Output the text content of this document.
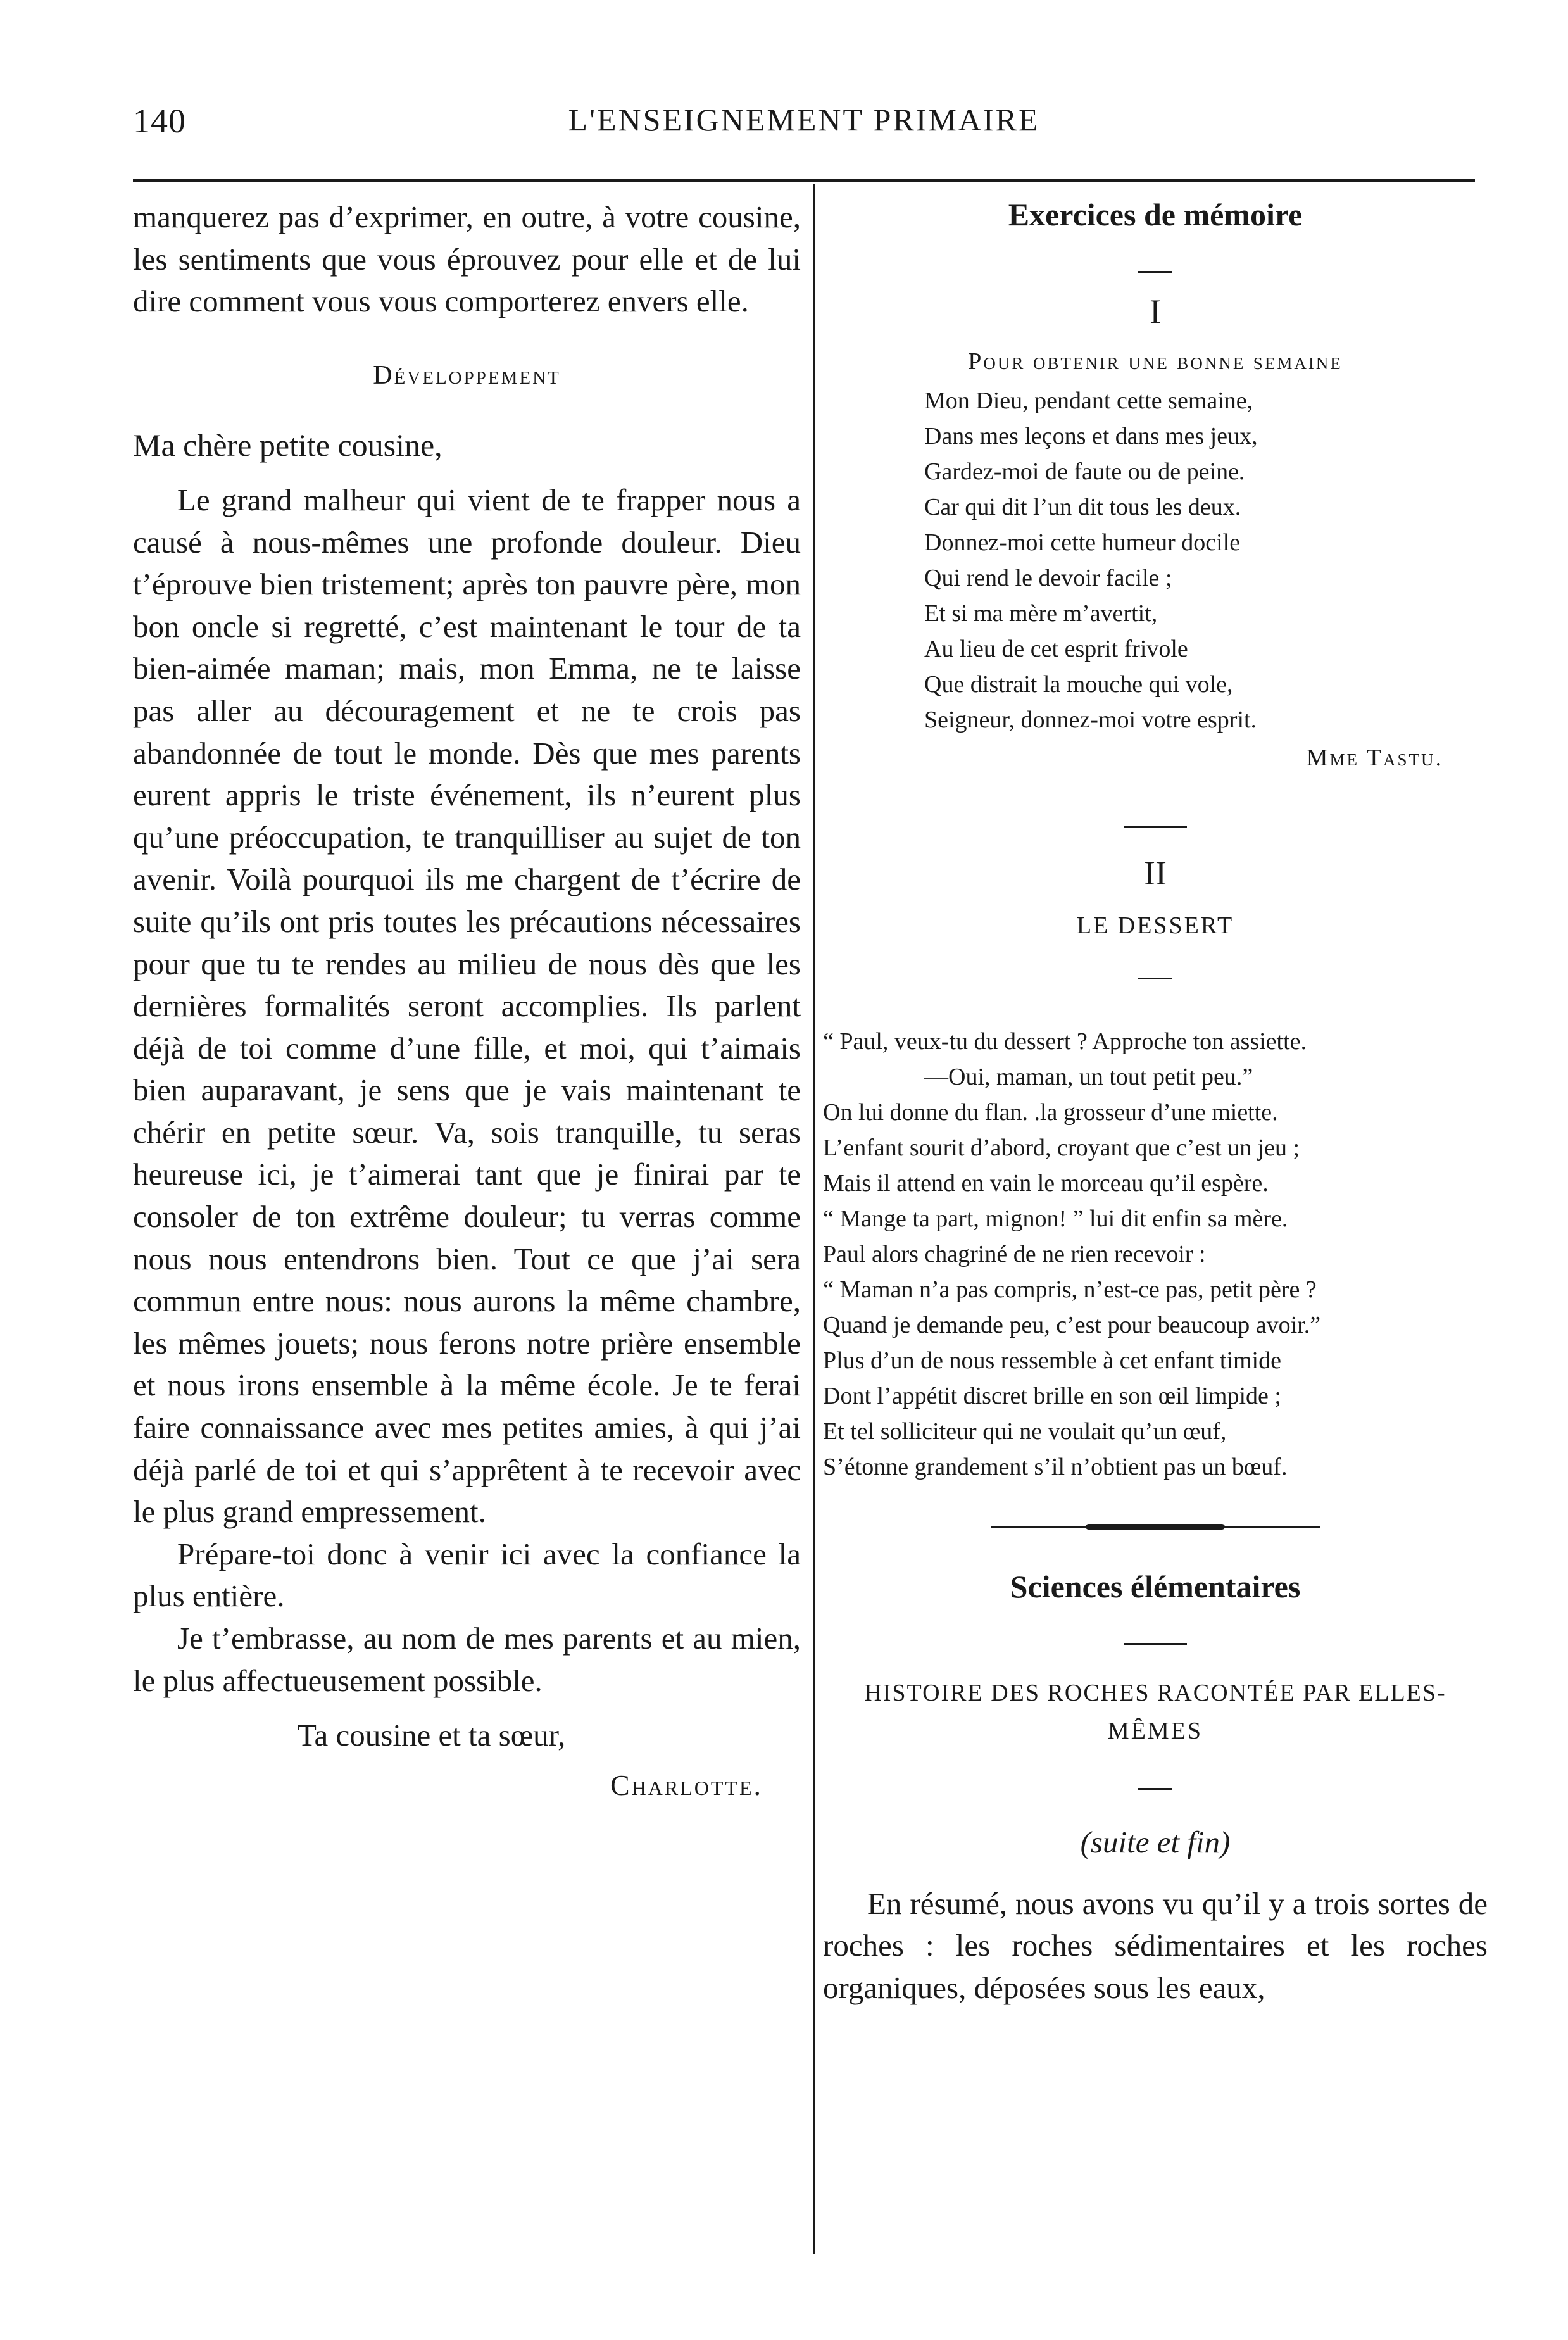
140	L'ENSEIGNEMENT PRIMAIRE

manquerez pas d’exprimer, en outre, à votre cousine, les sentiments que vous éprouvez pour elle et de lui dire comment vous vous comporterez envers elle.

Développement

Ma chère petite cousine,

Le grand malheur qui vient de te frapper nous a causé à nous-mêmes une profonde douleur. Dieu t’éprouve bien tristement; après ton pauvre père, mon bon oncle si regretté, c’est maintenant le tour de ta bien-aimée maman; mais, mon Emma, ne te laisse pas aller au découragement et ne te crois pas abandonnée de tout le monde. Dès que mes parents eurent appris le triste événement, ils n’eurent plus qu’une préoccupation, te tranquilliser au sujet de ton avenir. Voilà pourquoi ils me chargent de t’écrire de suite qu’ils ont pris toutes les précautions nécessaires pour que tu te rendes au milieu de nous dès que les dernières formalités seront accomplies. Ils parlent déjà de toi comme d’une fille, et moi, qui t’aimais bien auparavant, je sens que je vais maintenant te chérir en petite sœur. Va, sois tranquille, tu seras heureuse ici, je t’aimerai tant que je finirai par te consoler de ton extrême douleur; tu verras comme nous nous entendrons bien. Tout ce que j’ai sera commun entre nous: nous aurons la même chambre, les mêmes jouets; nous ferons notre prière ensemble et nous irons ensemble à la même école. Je te ferai faire connaissance avec mes petites amies, à qui j’ai déjà parlé de toi et qui s’apprêtent à te recevoir avec le plus grand empressement.

Prépare-toi donc à venir ici avec la confiance la plus entière.

Je t’embrasse, au nom de mes parents et au mien, le plus affectueusement possible.

Ta cousine et ta sœur,

Charlotte.

Exercices de mémoire

I

Pour obtenir une bonne semaine

Mon Dieu, pendant cette semaine,
Dans mes leçons et dans mes jeux,
Gardez-moi de faute ou de peine.
Car qui dit l’un dit tous les deux.
Donnez-moi cette humeur docile
Qui rend le devoir facile ;
Et si ma mère m’avertit,
Au lieu de cet esprit frivole
Que distrait la mouche qui vole,
Seigneur, donnez-moi votre esprit.

Mme Tastu.

II

LE DESSERT

“ Paul, veux-tu du dessert ? Approche ton assiette.
—Oui, maman, un tout petit peu.”
On lui donne du flan. .la grosseur d’une miette.
L’enfant sourit d’abord, croyant que c’est un jeu ;
Mais il attend en vain le morceau qu’il espère.
“ Mange ta part, mignon! ” lui dit enfin sa mère.
Paul alors chagriné de ne rien recevoir :
“ Maman n’a pas compris, n’est-ce pas, petit père ?
Quand je demande peu, c’est pour beaucoup avoir.”
Plus d’un de nous ressemble à cet enfant timide
Dont l’appétit discret brille en son œil limpide ;
Et tel solliciteur qui ne voulait qu’un œuf,
S’étonne grandement s’il n’obtient pas un bœuf.

Sciences élémentaires

HISTOIRE DES ROCHES RACONTÉE PAR ELLES-

MÊMES

(suite et fin)

En résumé, nous avons vu qu’il y a trois sortes de roches : les roches sédimentaires et les roches organiques, déposées sous les eaux,
